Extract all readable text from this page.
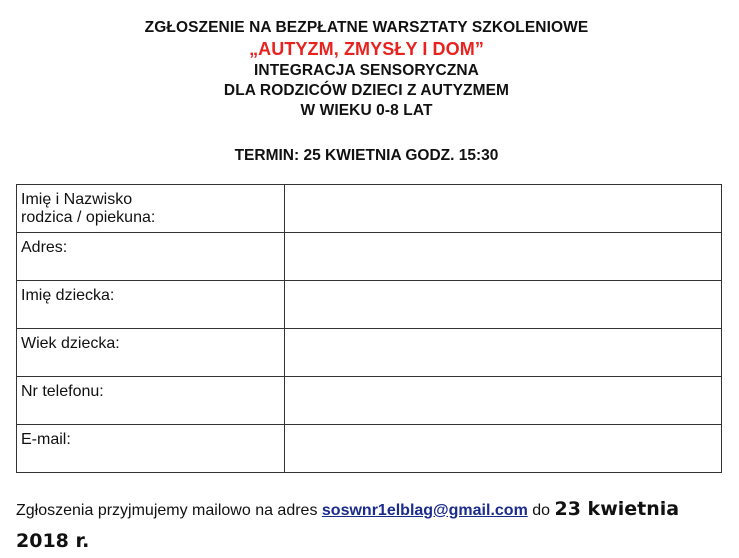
ZGŁOSZENIE NA BEZPŁATNE WARSZTATY SZKOLENIOWE
„AUTYZM, ZMYSŁY I DOM”
INTEGRACJA SENSORYCZNA
DLA RODZICÓW DZIECI Z AUTYZMEM
W WIEKU 0-8 LAT
TERMIN: 25 KWIETNIA GODZ. 15:30
Imię i Nazwisko
rodzica / opiekuna:	

Adres:	
Imię dziecka:	
Wiek dziecka:	
Nr telefonu:	
E-mail:	
Zgłoszenia przyjmujemy mailowo na adres soswnr1elblag@gmail.com do 23 kwietnia 2018 r.
